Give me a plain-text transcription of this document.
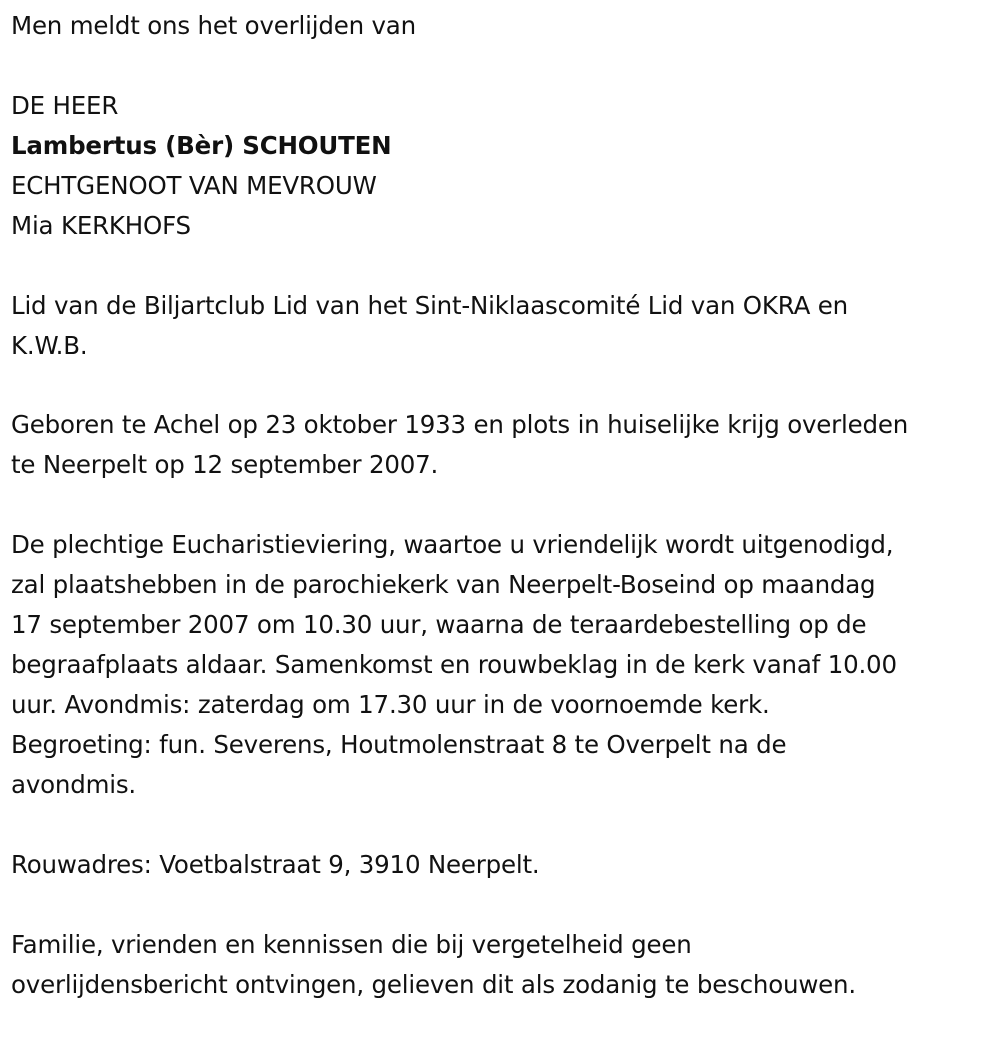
Men meldt ons het overlijden van

DE HEER

Lambertus (Bèr) SCHOUTEN

ECHTGENOOT VAN MEVROUW

Mia KERKHOFS

Lid van de Biljartclub Lid van het Sint-Niklaascomité Lid van OKRA en

K.W.B.

Geboren te Achel op 23 oktober 1933 en plots in huiselijke krijg overleden

te Neerpelt op 12 september 2007.

De plechtige Eucharistieviering, waartoe u vriendelijk wordt uitgenodigd,

zal plaatshebben in de parochiekerk van Neerpelt-Boseind op maandag

17 september 2007 om 10.30 uur, waarna de teraardebestelling op de

begraafplaats aldaar. Samenkomst en rouwbeklag in de kerk vanaf 10.00

uur. Avondmis: zaterdag om 17.30 uur in de voornoemde kerk.

Begroeting: fun. Severens, Houtmolenstraat 8 te Overpelt na de

avondmis.

Rouwadres: Voetbalstraat 9, 3910 Neerpelt.

Familie, vrienden en kennissen die bij vergetelheid geen

overlijdensbericht ontvingen, gelieven dit als zodanig te beschouwen.
